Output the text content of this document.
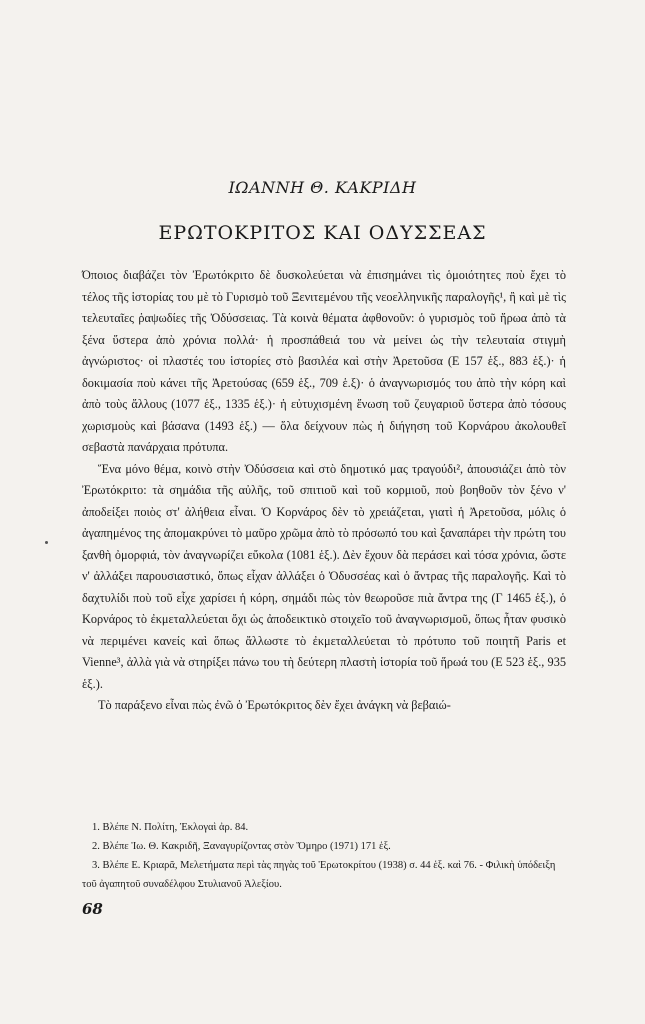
ΙΩΑΝΝΗ Θ. ΚΑΚΡΙΔΗ
ΕΡΩΤΟΚΡΙΤΟΣ ΚΑΙ ΟΔΥΣΣΕΑΣ

Όποιος διαβάζει τὸν Ἐρωτόκριτο δὲ δυσκολεύεται νὰ ἐπισημάνει τὶς ὁμοιότητες ποὺ ἔχει τὸ τέλος τῆς ἱστορίας του μὲ τὸ Γυρισμὸ τοῦ Ξενιτεμένου τῆς νεοελληνικῆς παραλογῆς¹, ἢ καὶ μὲ τὶς τελευταῖες ῥαψωδίες τῆς Ὀδύσσειας. Τὰ κοινὰ θέματα ἀφθονοῦν: ὁ γυρισμὸς τοῦ ἥρωα ἀπὸ τὰ ξένα ὕστερα ἀπὸ χρόνια πολλά· ἡ προσπάθειά του νὰ μείνει ὡς τὴν τελευταία στιγμὴ ἀγνώριστος· οἱ πλαστές του ἱστορίες στὸ βασιλέα καὶ στὴν Ἀρετοῦσα (Ε 157 ἑξ., 883 ἑξ.)· ἡ δοκιμασία ποὺ κάνει τῆς Ἀρετούσας (659 ἑξ., 709 ἑ.ξ)· ὁ ἀναγνωρισμός του ἀπὸ τὴν κόρη καὶ ἀπὸ τοὺς ἄλλους (1077 ἑξ., 1335 ἑξ.)· ἡ εὐτυχισμένη ἕνωση τοῦ ζευγαριοῦ ὕστερα ἀπὸ τόσους χωρισμοὺς καὶ βάσανα (1493 ἑξ.) — ὅλα δείχνουν πὼς ἡ διήγηση τοῦ Κορνάρου ἀκολουθεῖ σεβαστὰ πανάρχαια πρότυπα.

Ἕνα μόνο θέμα, κοινὸ στὴν Ὀδύσσεια καὶ στὸ δημοτικό μας τραγούδι², ἀπουσιάζει ἀπὸ τὸν Ἐρωτόκριτο: τὰ σημάδια τῆς αὐλῆς, τοῦ σπιτιοῦ καὶ τοῦ κορμιοῦ, ποὺ βοηθοῦν τὸν ξένο ν' ἀποδείξει ποιὸς στ' ἀλήθεια εἶναι. Ὁ Κορνάρος δὲν τὸ χρειάζεται, γιατὶ ἡ Ἀρετοῦσα, μόλις ὁ ἀγαπημένος της ἀπομακρύνει τὸ μαῦρο χρῶμα ἀπὸ τὸ πρόσωπό του καὶ ξαναπάρει τὴν πρώτη του ξανθὴ ὀμορφιά, τὸν ἀναγνωρίζει εὔκολα (1081 ἑξ.). Δὲν ἔχουν δὰ περάσει καὶ τόσα χρόνια, ὥστε ν' ἀλλάξει παρουσιαστικό, ὅπως εἶχαν ἀλλάξει ὁ Ὀδυσσέας καὶ ὁ ἄντρας τῆς παραλογῆς. Καὶ τὸ δαχτυλίδι ποὺ τοῦ εἶχε χαρίσει ἡ κόρη, σημάδι πὼς τὸν θεωροῦσε πιὰ ἄντρα της (Γ 1465 ἑξ.), ὁ Κορνάρος τὸ ἐκμεταλλεύεται ὄχι ὡς ἀποδεικτικὸ στοιχεῖο τοῦ ἀναγνωρισμοῦ, ὅπως ἦταν φυσικὸ νὰ περιμένει κανείς καὶ ὅπως ἄλλωστε τὸ ἐκμεταλλεύεται τὸ πρότυπο τοῦ ποιητῆ Paris et Vienne³, ἀλλὰ γιὰ νὰ στηρίξει πάνω του τὴ δεύτερη πλαστὴ ἱστορία τοῦ ἥρωά του (Ε 523 ἑξ., 935 ἑξ.).

Τὸ παράξενο εἶναι πὼς ἐνῶ ὁ Ἐρωτόκριτος δὲν ἔχει ἀνάγκη νὰ βεβαιώ-

1. Βλέπε Ν. Πολίτη, Ἐκλογαὶ ἀρ. 84.

2. Βλέπε Ἰω. Θ. Κακριδῆ, Ξαναγυρίζοντας στὸν Ὅμηρο (1971) 171 ἑξ.

3. Βλέπε Ε. Κριαρᾶ, Μελετήματα περὶ τὰς πηγὰς τοῦ Ἐρωτοκρίτου (1938) σ. 44 ἑξ. καὶ 76. - Φιλικὴ ὑπόδειξη τοῦ ἀγαπητοῦ συναδέλφου Στυλιανοῦ Ἀλεξίου.

68
